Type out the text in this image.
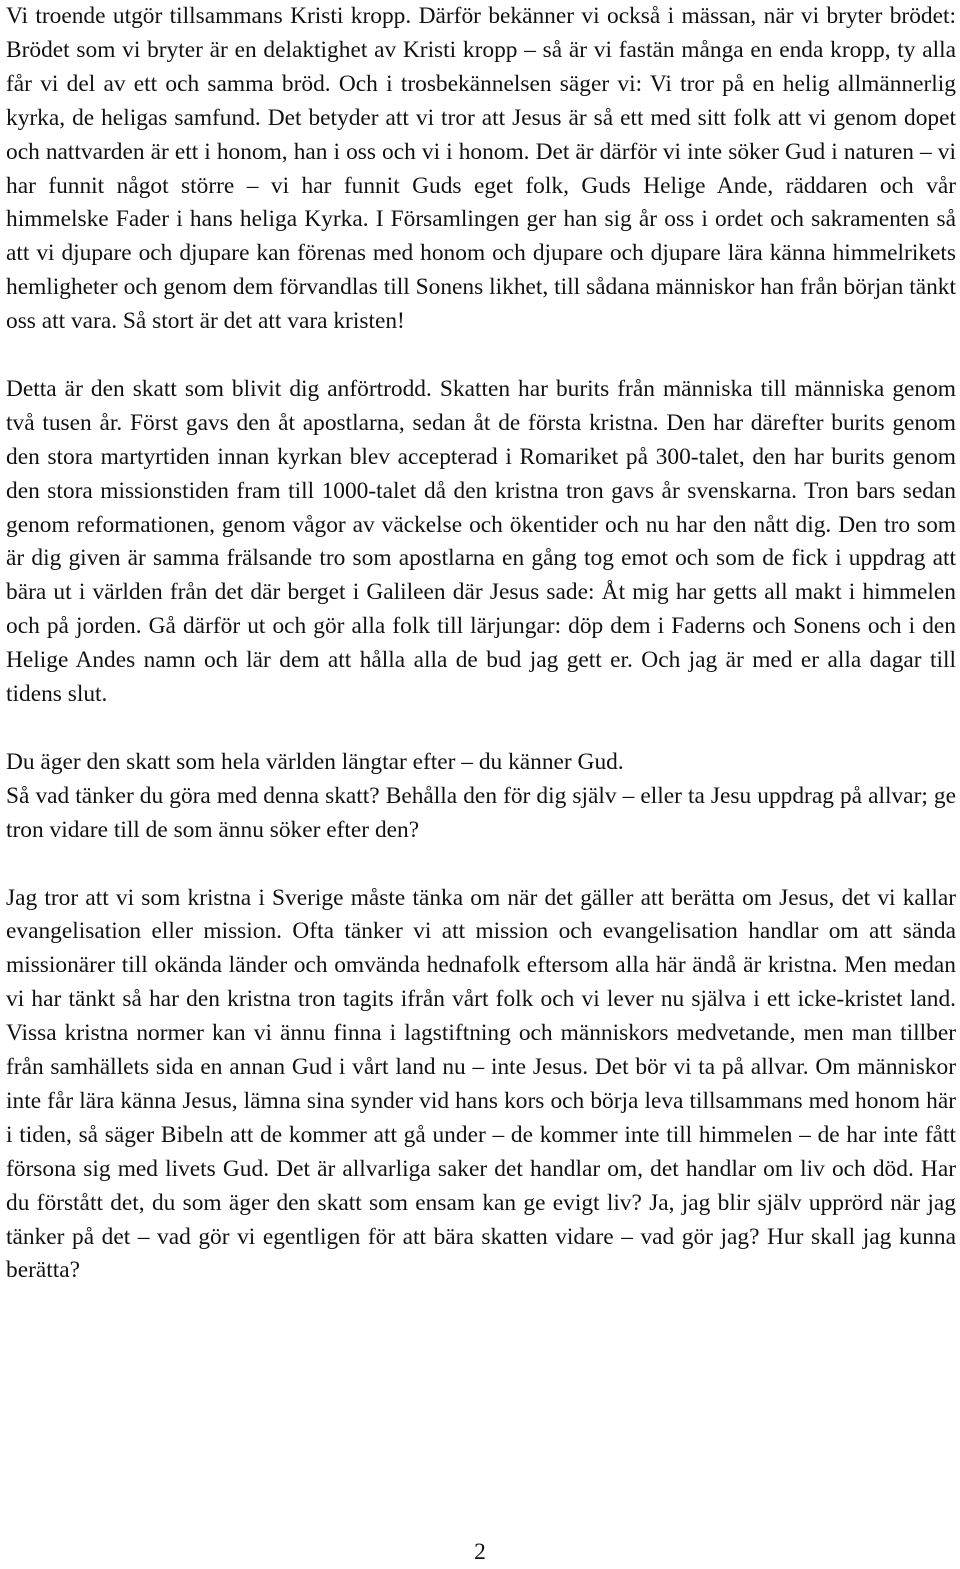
Vi troende utgör tillsammans Kristi kropp. Därför bekänner vi också i mässan, när vi bryter brödet: Brödet som vi bryter är en delaktighet av Kristi kropp – så är vi fastän många en enda kropp, ty alla får vi del av ett och samma bröd. Och i trosbekännelsen säger vi: Vi tror på en helig allmännerlig kyrka, de heligas samfund. Det betyder att vi tror att Jesus är så ett med sitt folk att vi genom dopet och nattvarden är ett i honom, han i oss och vi i honom. Det är därför vi inte söker Gud i naturen – vi har funnit något större – vi har funnit Guds eget folk, Guds Helige Ande, räddaren och vår himmelske Fader i hans heliga Kyrka. I Församlingen ger han sig år oss i ordet och sakramenten så att vi djupare och djupare kan förenas med honom och djupare och djupare lära känna himmelrikets hemligheter och genom dem förvandlas till Sonens likhet, till sådana människor han från början tänkt oss att vara. Så stort är det att vara kristen!

Detta är den skatt som blivit dig anförtrodd. Skatten har burits från människa till människa genom två tusen år. Först gavs den åt apostlarna, sedan åt de första kristna. Den har därefter burits genom den stora martyrtiden innan kyrkan blev accepterad i Romariket på 300-talet, den har burits genom den stora missionstiden fram till 1000-talet då den kristna tron gavs år svenskarna. Tron bars sedan genom reformationen, genom vågor av väckelse och ökentider och nu har den nått dig. Den tro som är dig given är samma frälsande tro som apostlarna en gång tog emot och som de fick i uppdrag att bära ut i världen från det där berget i Galileen där Jesus sade: Åt mig har getts all makt i himmelen och på jorden. Gå därför ut och gör alla folk till lärjungar: döp dem i Faderns och Sonens och i den Helige Andes namn och lär dem att hålla alla de bud jag gett er. Och jag är med er alla dagar till tidens slut.

Du äger den skatt som hela världen längtar efter – du känner Gud.

Så vad tänker du göra med denna skatt? Behålla den för dig själv – eller ta Jesu uppdrag på allvar; ge tron vidare till de som ännu söker efter den?

Jag tror att vi som kristna i Sverige måste tänka om när det gäller att berätta om Jesus, det vi kallar evangelisation eller mission. Ofta tänker vi att mission och evangelisation handlar om att sända missionärer till okända länder och omvända hednafolk eftersom alla här ändå är kristna. Men medan vi har tänkt så har den kristna tron tagits ifrån vårt folk och vi lever nu själva i ett icke-kristet land. Vissa kristna normer kan vi ännu finna i lagstiftning och människors medvetande, men man tillber från samhällets sida en annan Gud i vårt land nu – inte Jesus. Det bör vi ta på allvar. Om människor inte får lära känna Jesus, lämna sina synder vid hans kors och börja leva tillsammans med honom här i tiden, så säger Bibeln att de kommer att gå under – de kommer inte till himmelen – de har inte fått försona sig med livets Gud. Det är allvarliga saker det handlar om, det handlar om liv och död. Har du förstått det, du som äger den skatt som ensam kan ge evigt liv? Ja, jag blir själv upprörd när jag tänker på det – vad gör vi egentligen för att bära skatten vidare – vad gör jag? Hur skall jag kunna berätta?

2
